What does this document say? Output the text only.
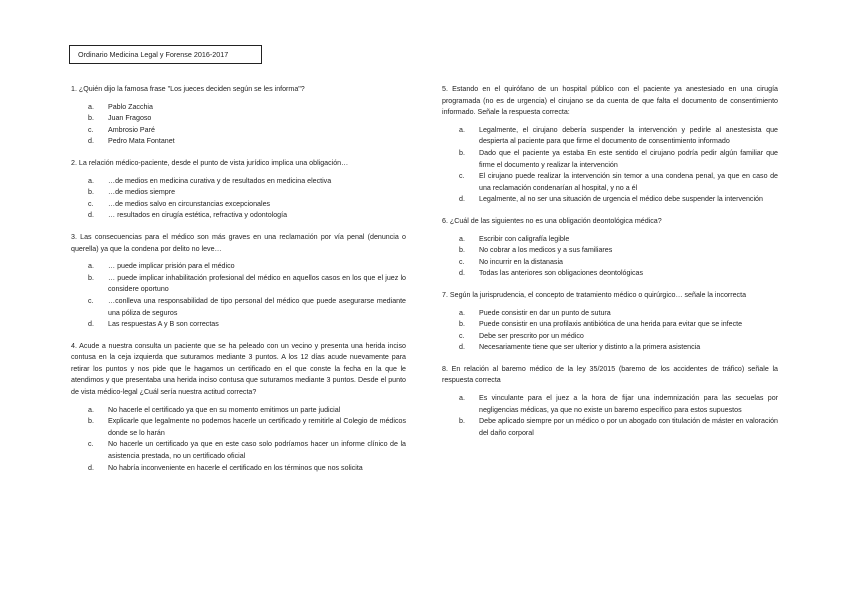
Ordinario Medicina Legal y Forense 2016-2017
1. ¿Quién dijo la famosa frase "Los jueces deciden según se les informa"?
a. Pablo Zacchia
b. Juan Fragoso
c. Ambrosio Paré
d. Pedro Mata Fontanet
2. La relación médico-paciente, desde el punto de vista jurídico implica una obligación…
a. …de medios en medicina curativa y de resultados en medicina electiva
b. …de medios siempre
c. …de medios salvo en circunstancias excepcionales
d. … resultados en cirugía estética, refractiva y odontología
3. Las consecuencias para el médico son más graves en una reclamación por vía penal (denuncia o querella) ya que la condena por delito no leve…
a. … puede implicar prisión para el médico
b. … puede implicar inhabilitación profesional del médico en aquellos casos en los que el juez lo considere oportuno
c. …conlleva una responsabilidad de tipo personal del médico que puede asegurarse mediante una póliza de seguros
d. Las respuestas A y B son correctas
4. Acude a nuestra consulta un paciente que se ha peleado con un vecino y presenta una herida inciso contusa en la ceja izquierda que suturamos mediante 3 puntos. A los 12 días acude nuevamente para retirar los puntos y nos pide que le hagamos un certificado en el que conste la fecha en la que le atendimos y que presentaba una herida inciso contusa que suturamos mediante 3 puntos. Desde el punto de vista médico-legal ¿Cuál sería nuestra actitud correcta?
a. No hacerle el certificado ya que en su momento emitimos un parte judicial
b. Explicarle que legalmente no podemos hacerle un certificado y remitirle al Colegio de médicos donde se lo harán
c. No hacerle un certificado ya que en este caso solo podríamos hacer un informe clínico de la asistencia prestada, no un certificado oficial
d. No habría inconveniente en hacerle el certificado en los términos que nos solicita
5. Estando en el quirófano de un hospital público con el paciente ya anestesiado en una cirugía programada (no es de urgencia) el cirujano se da cuenta de que falta el documento de consentimiento informado. Señale la respuesta correcta:
a. Legalmente, el cirujano debería suspender la intervención y pedirle al anestesista que despierta al paciente para que firme el documento de consentimiento informado
b. Dado que el paciente ya estaba En este sentido el cirujano podría pedir algún familiar que firme el documento y realizar la intervención
c. El cirujano puede realizar la intervención sin temor a una condena penal, ya que en caso de una reclamación condenarían al hospital, y no a él
d. Legalmente, al no ser una situación de urgencia el médico debe suspender la intervención
6. ¿Cuál de las siguientes no es una obligación deontológica médica?
a. Escribir con caligrafía legible
b. No cobrar a los medicos y a sus familiares
c. No incurrir en la distanasia
d. Todas las anteriores son obligaciones deontológicas
7. Según la jurisprudencia, el concepto de tratamiento médico o quirúrgico… señale la incorrecta
a. Puede consistir en dar un punto de sutura
b. Puede consistir en una profilaxis antibiótica de una herida para evitar que se infecte
c. Debe ser prescrito por un médico
d. Necesariamente tiene que ser ulterior y distinto a la primera asistencia
8. En relación al baremo médico de la ley 35/2015 (baremo de los accidentes de tráfico) señale la respuesta correcta
a. Es vinculante para el juez a la hora de fijar una indemnización para las secuelas por negligencias médicas, ya que no existe un baremo específico para estos supuestos
b. Debe aplicado siempre por un médico o por un abogado con titulación de máster en valoración del daño corporal
